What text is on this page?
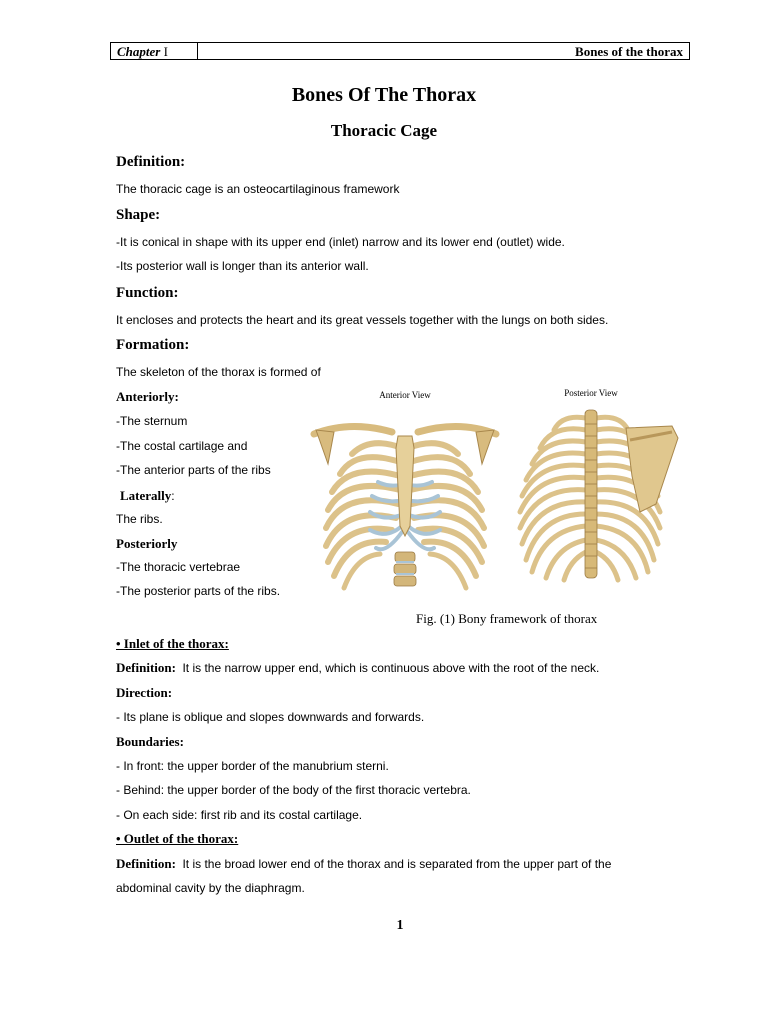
Chapter I	Bones of the thorax
Bones Of The Thorax
Thoracic Cage
Definition:
The thoracic cage is an osteocartilaginous framework
Shape:
-It is conical in shape with its upper end (inlet) narrow and its lower end (outlet) wide.
-Its posterior wall is longer than its anterior wall.
Function:
It encloses and protects the heart and its great vessels together with the lungs on both sides.
Formation:
The skeleton of the thorax is formed of
Anteriorly:
-The sternum
-The costal cartilage and
-The anterior parts of the ribs
Laterally:
The ribs.
Posteriorly
-The thoracic vertebrae
-The posterior parts of the ribs.
Anterior View	Posterior View
Fig. (1) Bony framework of thorax
• Inlet of the thorax:
Definition: It is the narrow upper end, which is continuous above with the root of the neck.
Direction:
- Its plane is oblique and slopes downwards and forwards.
Boundaries:
- In front: the upper border of the manubrium sterni.
- Behind: the upper border of the body of the first thoracic vertebra.
- On each side: first rib and its costal cartilage.
• Outlet of the thorax:
Definition: It is the broad lower end of the thorax and is separated from the upper part of the
abdominal cavity by the diaphragm.
1
